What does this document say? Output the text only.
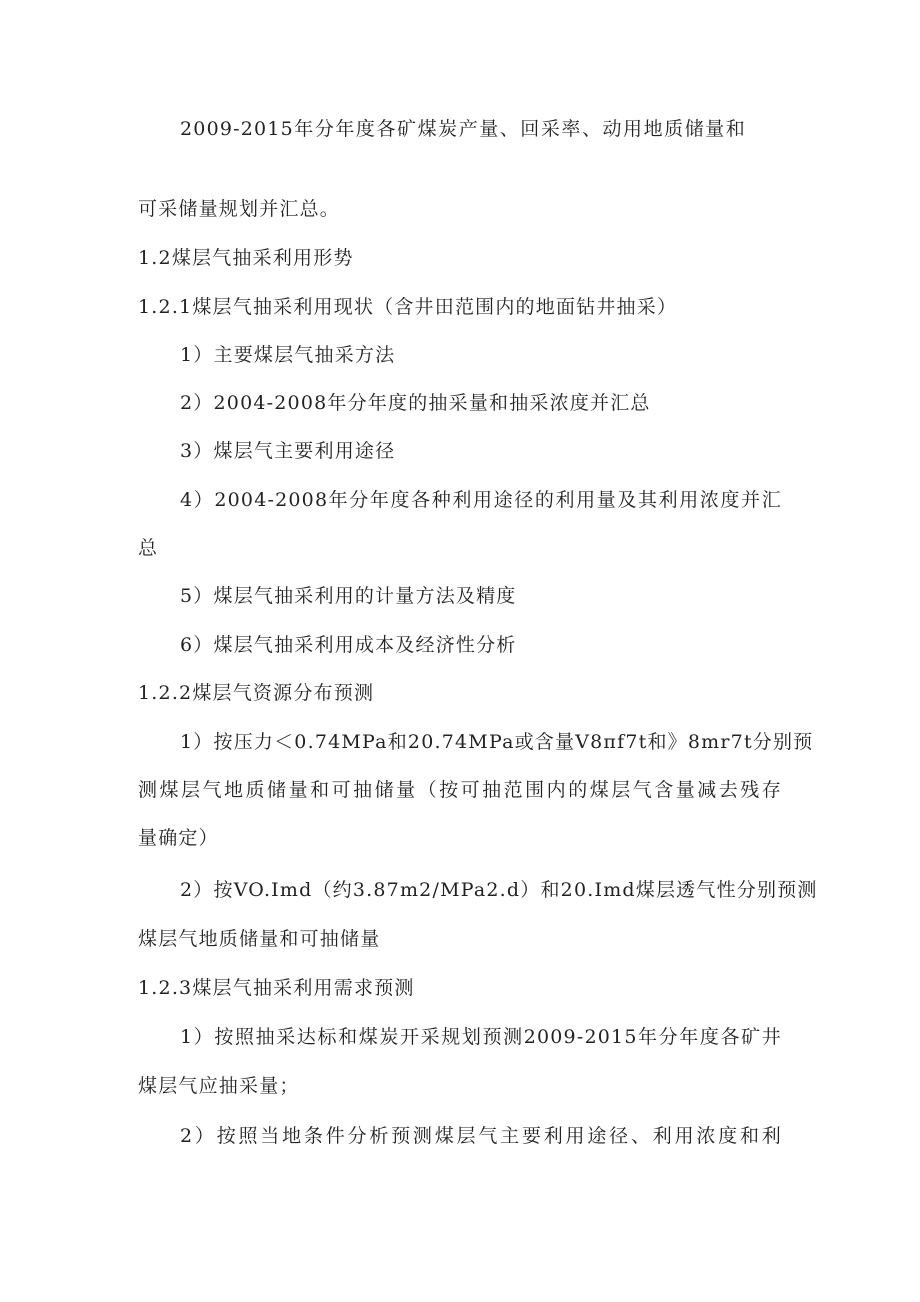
2009-2015年分年度各矿煤炭产量、回采率、动用地质储量和
可采储量规划并汇总。
1.2煤层气抽采利用形势
1.2.1煤层气抽采利用现状（含井田范围内的地面钻井抽采）
1）主要煤层气抽采方法
2）2004-2008年分年度的抽采量和抽采浓度并汇总
3）煤层气主要利用途径
4）2004-2008年分年度各种利用途径的利用量及其利用浓度并汇
总
5）煤层气抽采利用的计量方法及精度
6）煤层气抽采利用成本及经济性分析
1.2.2煤层气资源分布预测
1）按压力＜0.74MPa和20.74MPa或含量V8πf7t和》8mr7t分别预
测煤层气地质储量和可抽储量（按可抽范围内的煤层气含量减去残存
量确定）
2）按VO.Imd（约3.87m2/MPa2.d）和20.Imd煤层透气性分别预测
煤层气地质储量和可抽储量
1.2.3煤层气抽采利用需求预测
1）按照抽采达标和煤炭开采规划预测2009-2015年分年度各矿井
煤层气应抽采量；
2）按照当地条件分析预测煤层气主要利用途径、利用浓度和利
